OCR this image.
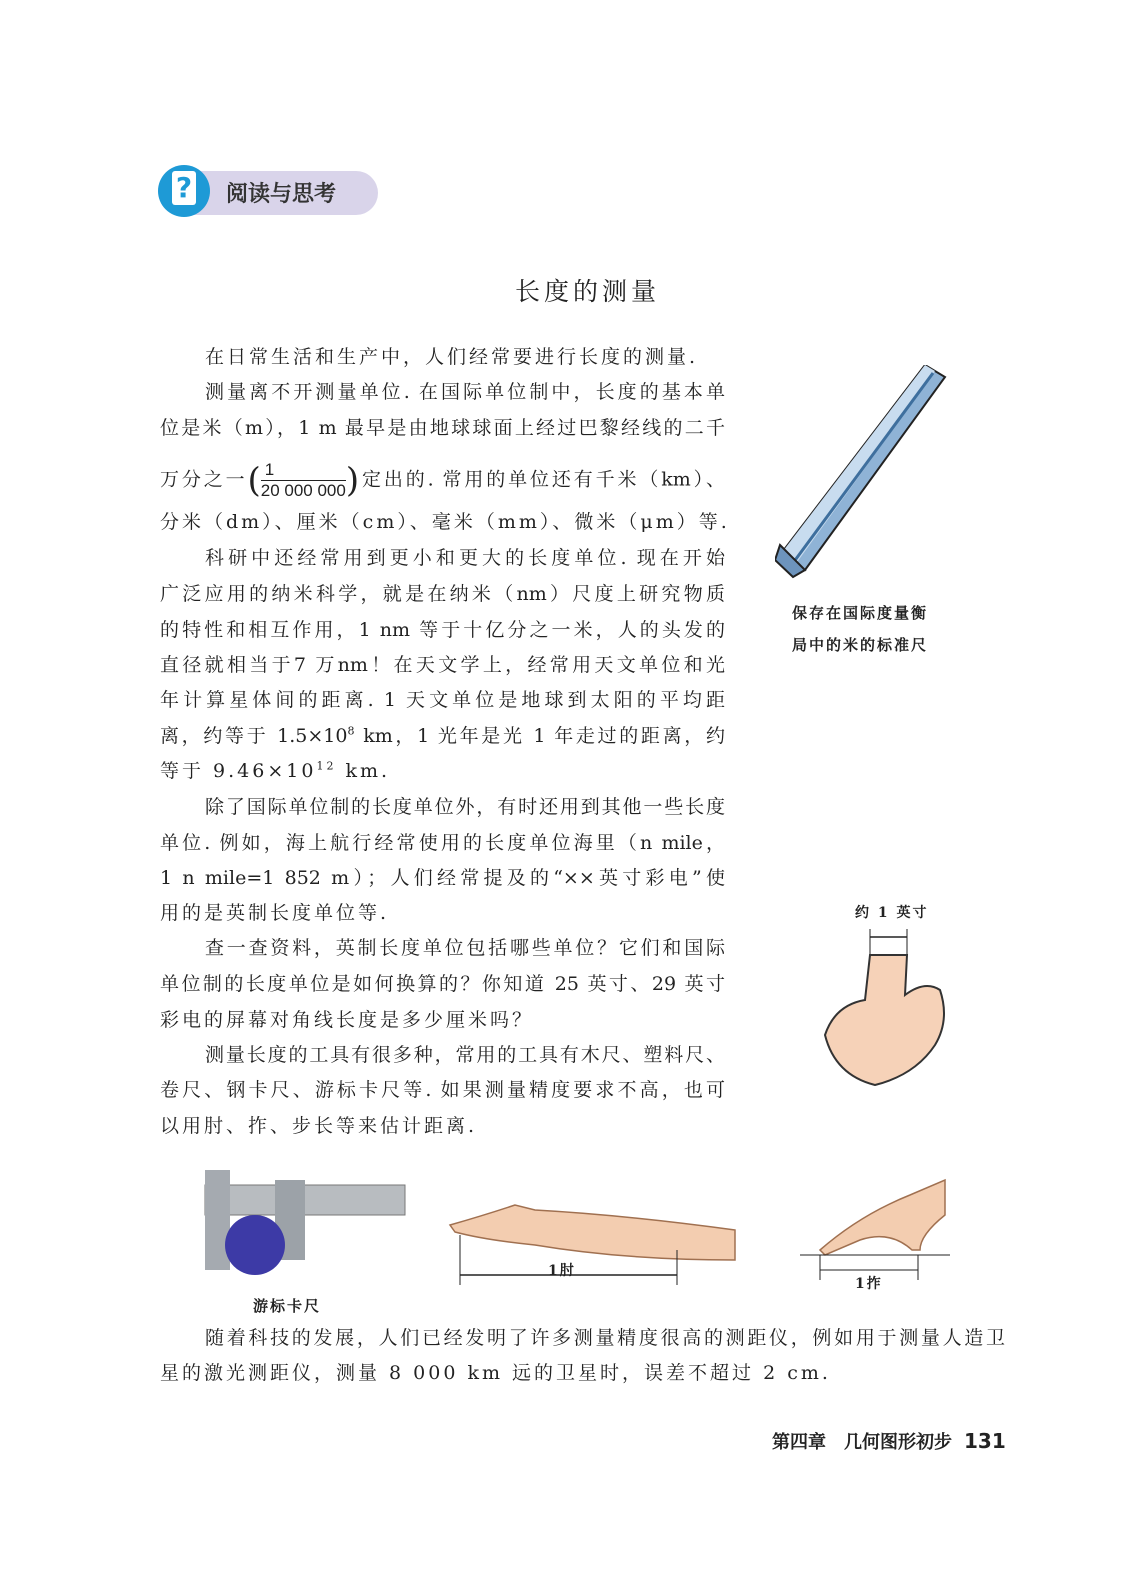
? 阅读与思考
长度的测量
在日常生活和生产中，人们经常要进行长度的测量.
测量离不开测量单位. 在国际单位制中，长度的基本单
位是米（m），1 m 最早是由地球球面上经过巴黎经线的二千
万分之一( $\frac{1}{20 000 000}$ )定出的. 常用的单位还有千米（km）、
分米（dm）、厘米（cm）、毫米（mm）、微米（μm）等.
科研中还经常用到更小和更大的长度单位. 现在开始
广泛应用的纳米科学，就是在纳米（nm）尺度上研究物质
的特性和相互作用，1 nm 等于十亿分之一米，人的头发的
直径就相当于7 万nm！在天文学上，经常用天文单位和光
年计算星体间的距离. 1 天文单位是地球到太阳的平均距
离，约等于 $1.5\times 10^8$ km，1 光年是光 1 年走过的距离，约
等于 $9.46\times 10^{12}$ km.
除了国际单位制的长度单位外，有时还用到其他一些长度
单位. 例如，海上航行经常使用的长度单位海里（n mile，
1 n mile=1 852 m）；人们经常提及的“××英寸彩电”使
用的是英制长度单位等.
查一查资料，英制长度单位包括哪些单位？它们和国际
单位制的长度单位是如何换算的？你知道 25 英寸、29 英寸
彩电的屏幕对角线长度是多少厘米吗？
测量长度的工具有很多种，常用的工具有木尺、塑料尺、
卷尺、钢卡尺、游标卡尺等. 如果测量精度要求不高，也可
以用肘、拃、步长等来估计距离.
随着科技的发展，人们已经发明了许多测量精度很高的测距仪，例如用于测量人造卫
星的激光测距仪，测量 8 000 km 远的卫星时，误差不超过 2 cm.
保存在国际度量衡
局中的米的标准尺
约 1 英寸
游标卡尺
1肘
1拃
第四章　几何图形初步 131
